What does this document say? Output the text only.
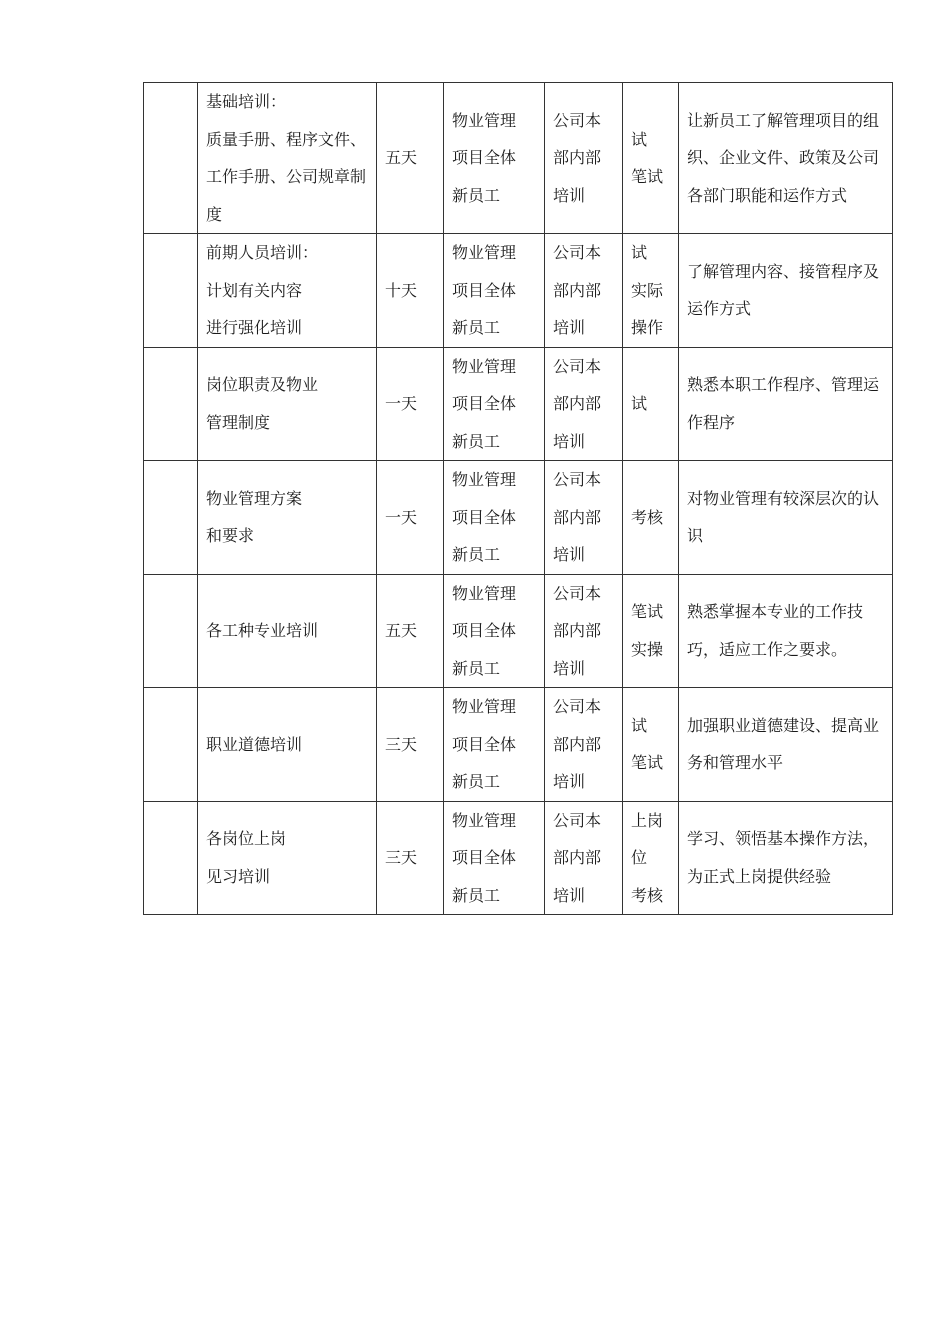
	基础培训：
质量手册、程序文件、工作手册、公司规章制度	五天	物业管理
项目全体
新员工	公司本
部内部
培训	试
笔试	让新员工了解管理项目的组织、企业文件、政策及公司各部门职能和运作方式
	前期人员培训：
计划有关内容
进行强化培训	十天	物业管理
项目全体
新员工	公司本
部内部
培训	试
实际
操作	了解管理内容、接管程序及运作方式
	岗位职责及物业
管理制度	一天	物业管理
项目全体
新员工	公司本
部内部
培训	试	熟悉本职工作程序、管理运作程序
	物业管理方案
和要求	一天	物业管理
项目全体
新员工	公司本
部内部
培训	考核	对物业管理有较深层次的认识
	各工种专业培训	五天	物业管理
项目全体
新员工	公司本
部内部
培训	笔试
实操	熟悉掌握本专业的工作技巧，适应工作之要求。
	职业道德培训	三天	物业管理
项目全体
新员工	公司本
部内部
培训	试
笔试	加强职业道德建设、提高业务和管理水平
	各岗位上岗
见习培训	三天	物业管理
项目全体
新员工	公司本
部内部
培训	上岗
位
考核	学习、领悟基本操作方法，为正式上岗提供经验
